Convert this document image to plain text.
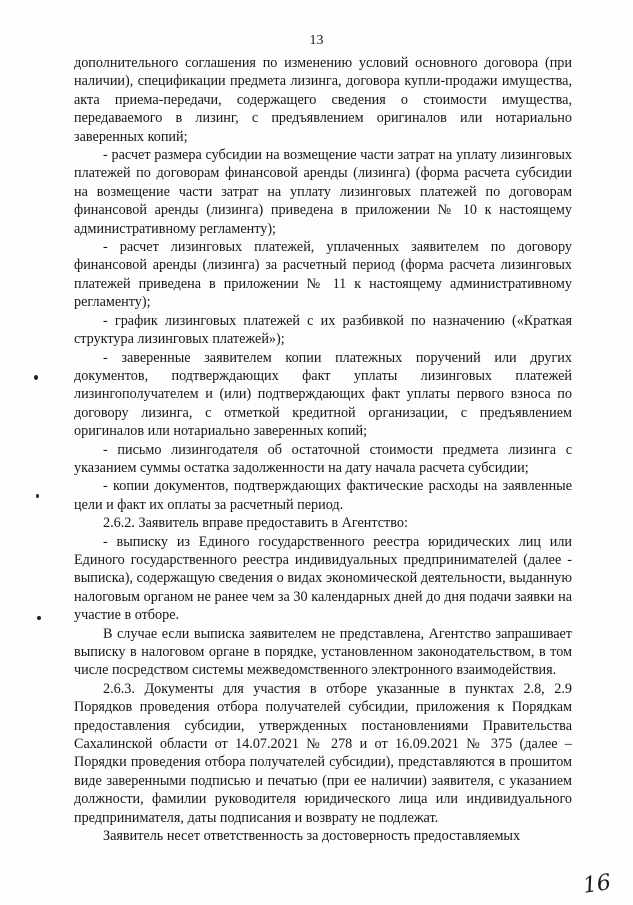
13

дополнительного соглашения по изменению условий основного договора (при наличии), спецификации предмета лизинга, договора купли-продажи имущества, акта приема-передачи, содержащего сведения о стоимости имущества, передаваемого в лизинг, с предъявлением оригиналов или нотариально заверенных копий;

- расчет размера субсидии на возмещение части затрат на уплату лизинговых платежей по договорам финансовой аренды (лизинга) (форма расчета субсидии на возмещение части затрат на уплату лизинговых платежей по договорам финансовой аренды (лизинга) приведена в приложении № 10 к настоящему административному регламенту);

- расчет лизинговых платежей, уплаченных заявителем по договору финансовой аренды (лизинга) за расчетный период (форма расчета лизинговых платежей приведена в приложении № 11 к настоящему административному регламенту);

- график лизинговых платежей с их разбивкой по назначению («Краткая структура лизинговых платежей»);

- заверенные заявителем копии платежных поручений или других документов, подтверждающих факт уплаты лизинговых платежей лизингополучателем и (или) подтверждающих факт уплаты первого взноса по договору лизинга, с отметкой кредитной организации, с предъявлением оригиналов или нотариально заверенных копий;

- письмо лизингодателя об остаточной стоимости предмета лизинга с указанием суммы остатка задолженности на дату начала расчета субсидии;

- копии документов, подтверждающих фактические расходы на заявленные цели и факт их оплаты за расчетный период.

2.6.2. Заявитель вправе предоставить в Агентство:

- выписку из Единого государственного реестра юридических лиц или Единого государственного реестра индивидуальных предпринимателей (далее - выписка), содержащую сведения о видах экономической деятельности, выданную налоговым органом не ранее чем за 30 календарных дней до дня подачи заявки на участие в отборе.

В случае если выписка заявителем не представлена, Агентство запрашивает выписку в налоговом органе в порядке, установленном законодательством, в том числе посредством системы межведомственного электронного взаимодействия.

2.6.3. Документы для участия в отборе указанные в пунктах 2.8, 2.9 Порядков проведения отбора получателей субсидии, приложения к Порядкам предоставления субсидии, утвержденных постановлениями Правительства Сахалинской области от 14.07.2021 № 278 и от 16.09.2021 № 375 (далее – Порядки проведения отбора получателей субсидии), представляются в прошитом виде заверенными подписью и печатью (при ее наличии) заявителя, с указанием должности, фамилии руководителя юридического лица или индивидуального предпринимателя, даты подписания и возврату не подлежат.

Заявитель несет ответственность за достоверность предоставляемых

16
